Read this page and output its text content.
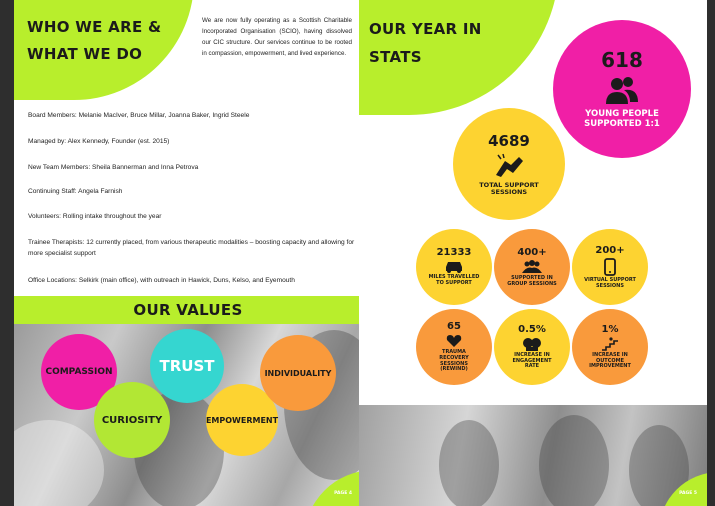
WHO WE ARE &
WHAT WE DO
We are now fully operating as a Scottish Charitable Incorporated Organisation (SCIO), having dissolved our CIC structure. Our services continue to be rooted in compassion, empowerment, and lived experience.
Board Members: Melanie MacIver, Bruce Millar, Joanna Baker, Ingrid Steele
Managed by: Alex Kennedy, Founder (est. 2015)
New Team Members: Sheila Bannerman and Inna Petrova
Continuing Staff: Angela Farnish
Volunteers: Rolling intake throughout the year
Trainee Therapists: 12 currently placed, from various therapeutic modalities – boosting capacity and allowing for more specialist support
Office Locations: Selkirk (main office), with outreach in Hawick, Duns, Kelso, and Eyemouth
OUR VALUES
COMPASSION
CURIOSITY
TRUST
EMPOWERMENT
INDIVIDUALITY
PAGE 4
OUR YEAR IN
STATS	618
YOUNG PEOPLE SUPPORTED 1:1
4689
TOTAL SUPPORT SESSIONS
21333
MILES TRAVELLED TO SUPPORT
400+
SUPPORTED IN GROUP SESSIONS
200+
VIRTUAL SUPPORT SESSIONS
65
TRAUMA RECOVERY SESSIONS (REWIND)
0.5%
INCREASE IN ENGAGEMENT RATE
1%
INCREASE IN OUTCOME IMPROVEMENT
PAGE 5
